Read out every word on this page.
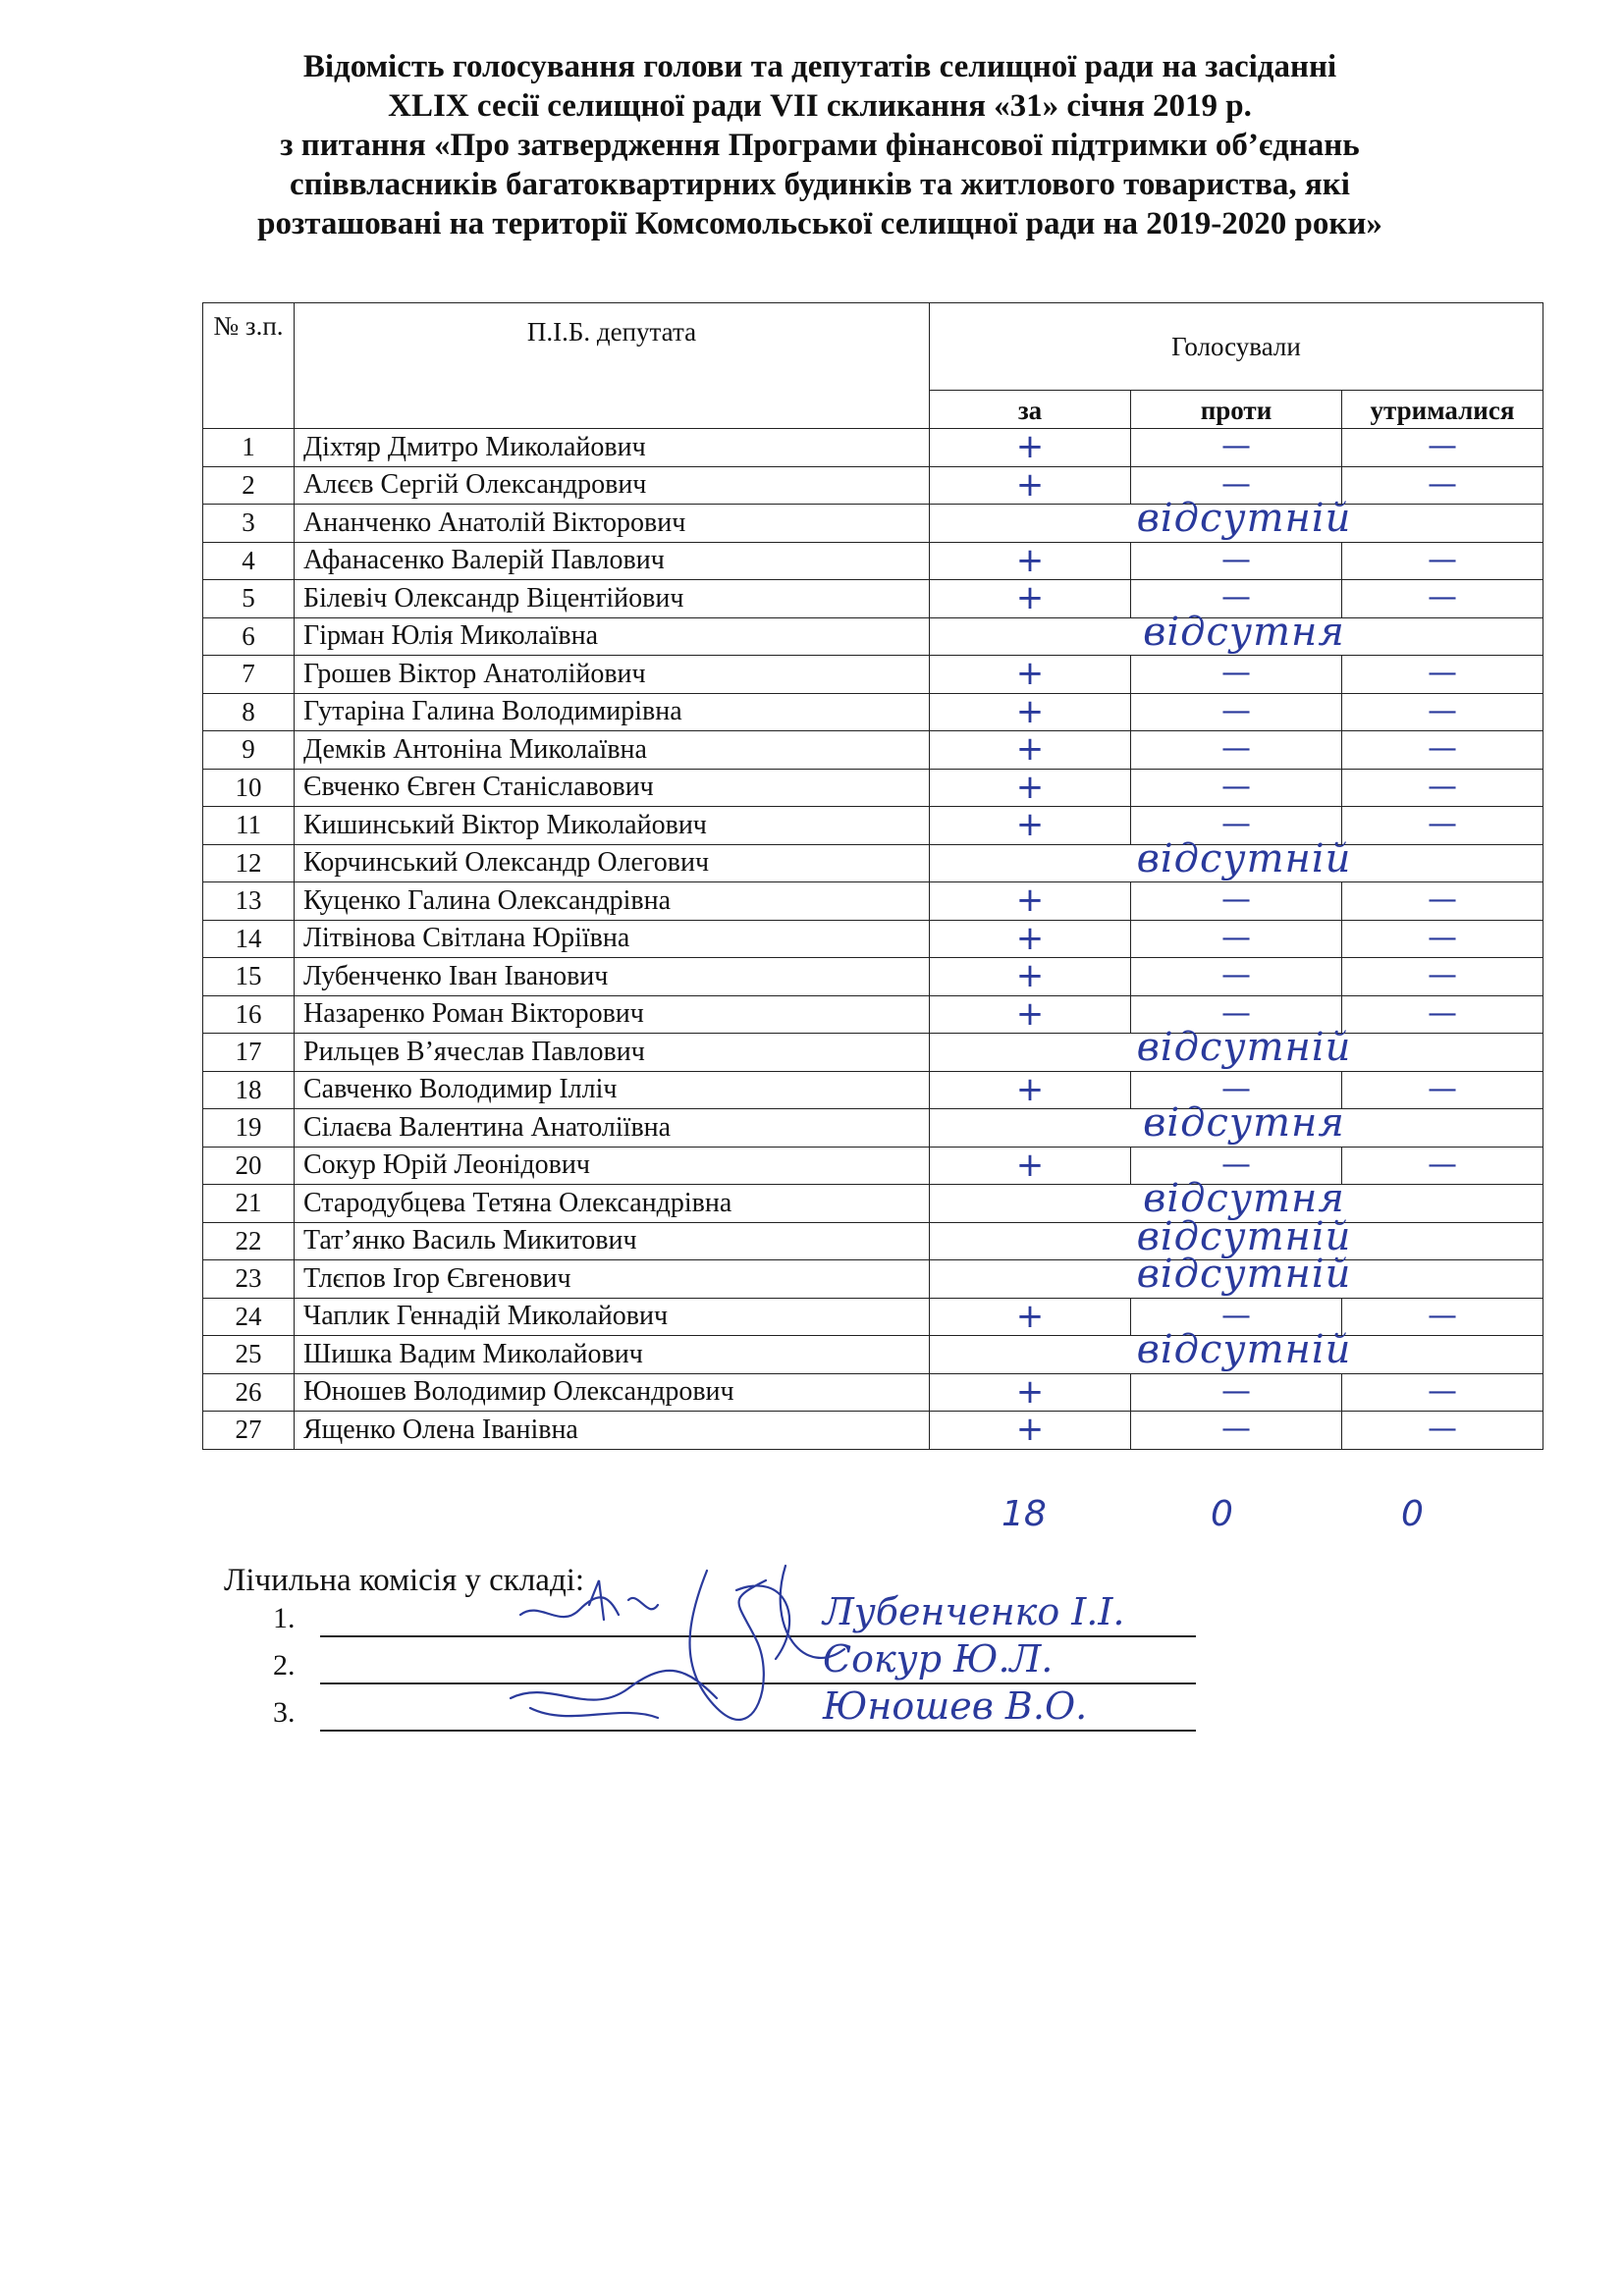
Відомість голосування голови та депутатів селищної ради на засіданні
XLIX сесії селищної ради VII скликання «31» січня 2019 р.
з питання «Про затвердження Програми фінансової підтримки об’єднань
співвласників багатоквартирних будинків та житлового товариства, які
розташовані на території Комсомольської селищної ради на 2019-2020 роки»
№ з.п.	П.І.Б. депутата	Голосували		
		за	проти	утрималися
1	Діхтяр Дмитро Миколайович	+	—	—
2	Алєєв Сергій Олександрович	+	—	—
3	Ананченко Анатолій Вікторович	відсутній		
4	Афанасенко Валерій Павлович	+	—	—
5	Білевіч Олександр Віцентійович	+	—	—
6	Гірман Юлія Миколаївна	відсутня		
7	Грошев Віктор Анатолійович	+	—	—
8	Гутаріна Галина Володимирівна	+	—	—
9	Демків Антоніна Миколаївна	+	—	—
10	Євченко Євген Станіславович	+	—	—
11	Кишинський Віктор Миколайович	+	—	—
12	Корчинський Олександр Олегович	відсутній		
13	Куценко Галина Олександрівна	+	—	—
14	Літвінова Світлана Юріївна	+	—	—
15	Лубенченко Іван Іванович	+	—	—
16	Назаренко Роман Вікторович	+	—	—
17	Рильцев В’ячеслав Павлович	відсутній		
18	Савченко Володимир Ілліч	+	—	—
19	Сілаєва Валентина Анатоліївна	відсутня		
20	Сокур Юрій Леонідович	+	—	—
21	Стародубцева Тетяна Олександрівна	відсутня		
22	Тат’янко Василь Микитович	відсутній		
23	Тлєпов Ігор Євгенович	відсутній		
24	Чаплик Геннадій Миколайович	+	—	—
25	Шишка Вадим Миколайович	відсутній		
26	Юношев Володимир Олександрович	+	—	—
27	Ященко Олена Іванівна	+	—	—
18	0	0
Лічильна комісія у складі:
1.	Лубенченко І.І.
2.	Сокур Ю.Л.
3.	Юношев В.О.
